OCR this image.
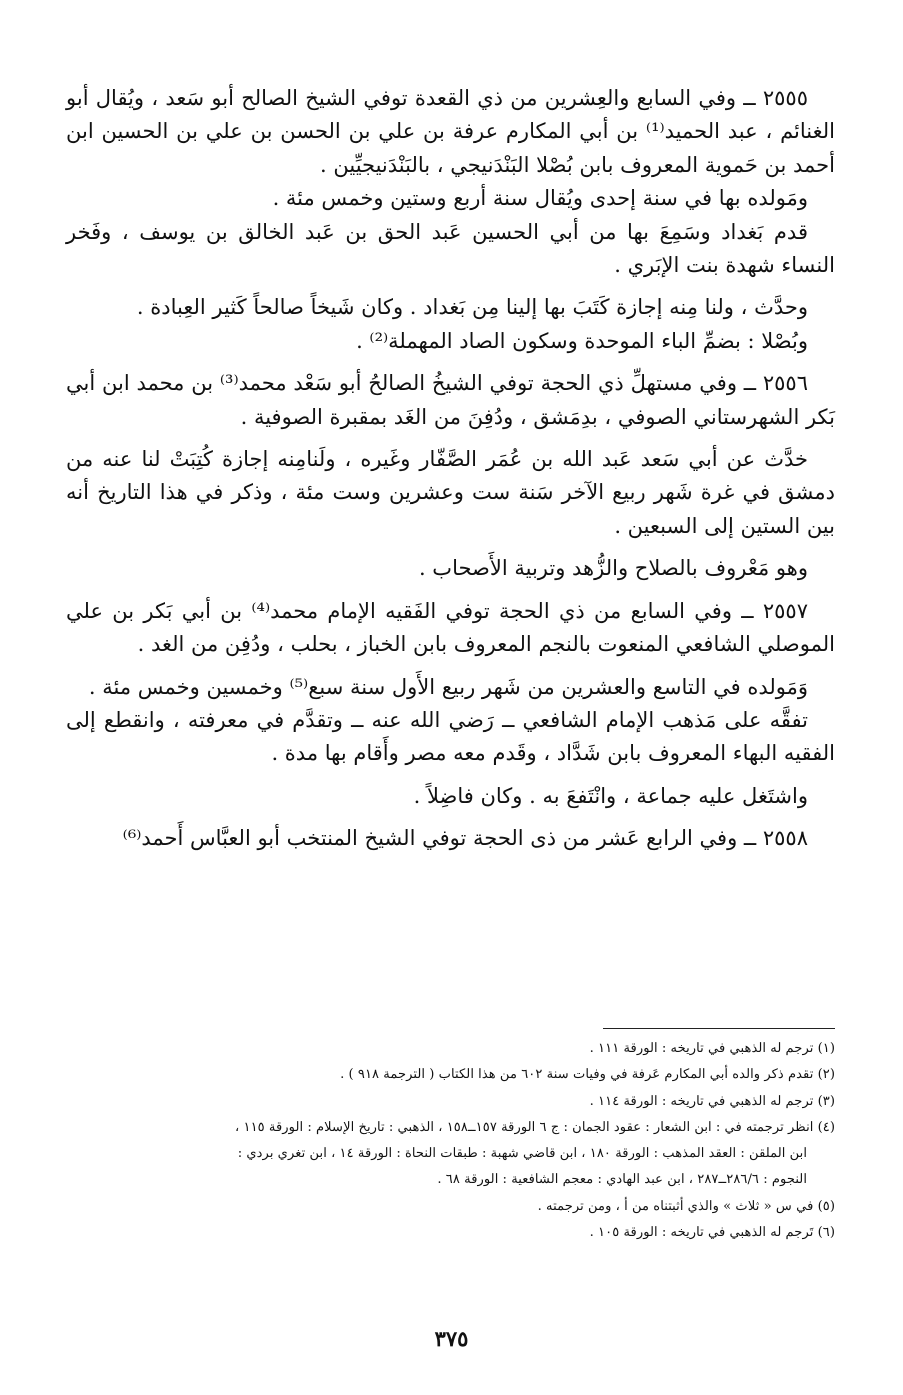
٢٥٥٥ ــ وفي السابع والعِشرين من ذي القعدة توفي الشيخ الصالح أبو سَعد ، ويُقال أبو الغنائم ، عبد الحميد⁽¹⁾ بن أبي المكارم عرفة بن علي بن الحسن بن علي بن الحسين ابن أحمد بن حَموية المعروف بابن بُصْلا البَنْدَنيجي ، بالبَنْدَنيجيِّين .

ومَولده بها في سنة إحدى ويُقال سنة أربع وستين وخمس مئة .

قدم بَغداد وسَمِعَ بها من أبي الحسين عَبد الحق بن عَبد الخالق بن يوسف ، وفَخر النساء شهدة بنت الإبَري .

وحدَّث ، ولنا مِنه إجازة كَتَبَ بها إلينا مِن بَغداد . وكان شَيخاً صالحاً كَثير العِبادة .

وبُصْلا : بضمِّ الباء الموحدة وسكون الصاد المهملة⁽²⁾ .

٢٥٥٦ ــ وفي مستهلِّ ذي الحجة توفي الشيخُ الصالحُ أبو سَعْد محمد⁽³⁾ بن محمد ابن أبي بَكر الشهرستاني الصوفي ، بدِمَشق ، ودُفِنَ من الغَد بمقبرة الصوفية .

خدَّث عن أبي سَعد عَبد الله بن عُمَر الصَّفّار وغَيره ، ولَنامِنه إجازة كُتِبَتْ لنا عنه من دمشق في غرة شَهر ربيع الآخر سَنة ست وعشرين وست مئة ، وذكر في هذا التاريخ أنه بين الستين إلى السبعين .

وهو مَعْروف بالصلاح والزُّهد وتربية الأَصحاب .

٢٥٥٧ ــ وفي السابع من ذي الحجة توفي الفَقيه الإمام محمد⁽⁴⁾ بن أبي بَكر بن علي الموصلي الشافعي المنعوت بالنجم المعروف بابن الخباز ، بحلب ، ودُفِن من الغد .

وَمَولده في التاسع والعشرين من شَهر ربيع الأَول سنة سبع⁽⁵⁾ وخمسين وخمس مئة .

تفقَّه على مَذهب الإمام الشافعي ــ رَضي الله عنه ــ وتقدَّم في معرفته ، وانقطع إلى الفقيه البهاء المعروف بابن شَدَّاد ، وقَدم معه مصر وأَقام بها مدة .

واشتَغل عليه جماعة ، وانْتَفعَ به . وكان فاضِلاً .

٢٥٥٨ ــ وفي الرابع عَشر من ذى الحجة توفي الشيخ المنتخب أبو العبَّاس أَحمد⁽⁶⁾

(١) ترجم له الذهبي في تاريخه : الورقة ١١١ .

(٢) تقدم ذكر والده أبي المكارم عَرفة في وفيات سنة ٦٠٢ من هذا الكتاب ( الترجمة ٩١٨ ) .

(٣) ترجم له الذهبي في تاريخه : الورقة ١١٤ .

(٤) انظر ترجمته في : ابن الشعار : عقود الجمان : ج ٦ الورقة ١٥٧ــ١٥٨ ، الذهبي : تاريخ الإسلام : الورقة ١١٥ ،

ابن الملقن : العقد المذهب : الورقة ١٨٠ ، ابن قاضي شهبة : طبقات النحاة : الورقة ١٤ ، ابن تغري بردي :

النجوم : ٢٨٦/٦ــ٢٨٧ ، ابن عبد الهادي : معجم الشافعية : الورقة ٦٨ .

(٥) في س « ثلاث » والذي أثبتناه من أ ، ومن ترجمته .

(٦) تَرجم له الذهبي في تاريخه : الورقة ١٠٥ .

٣٧٥
